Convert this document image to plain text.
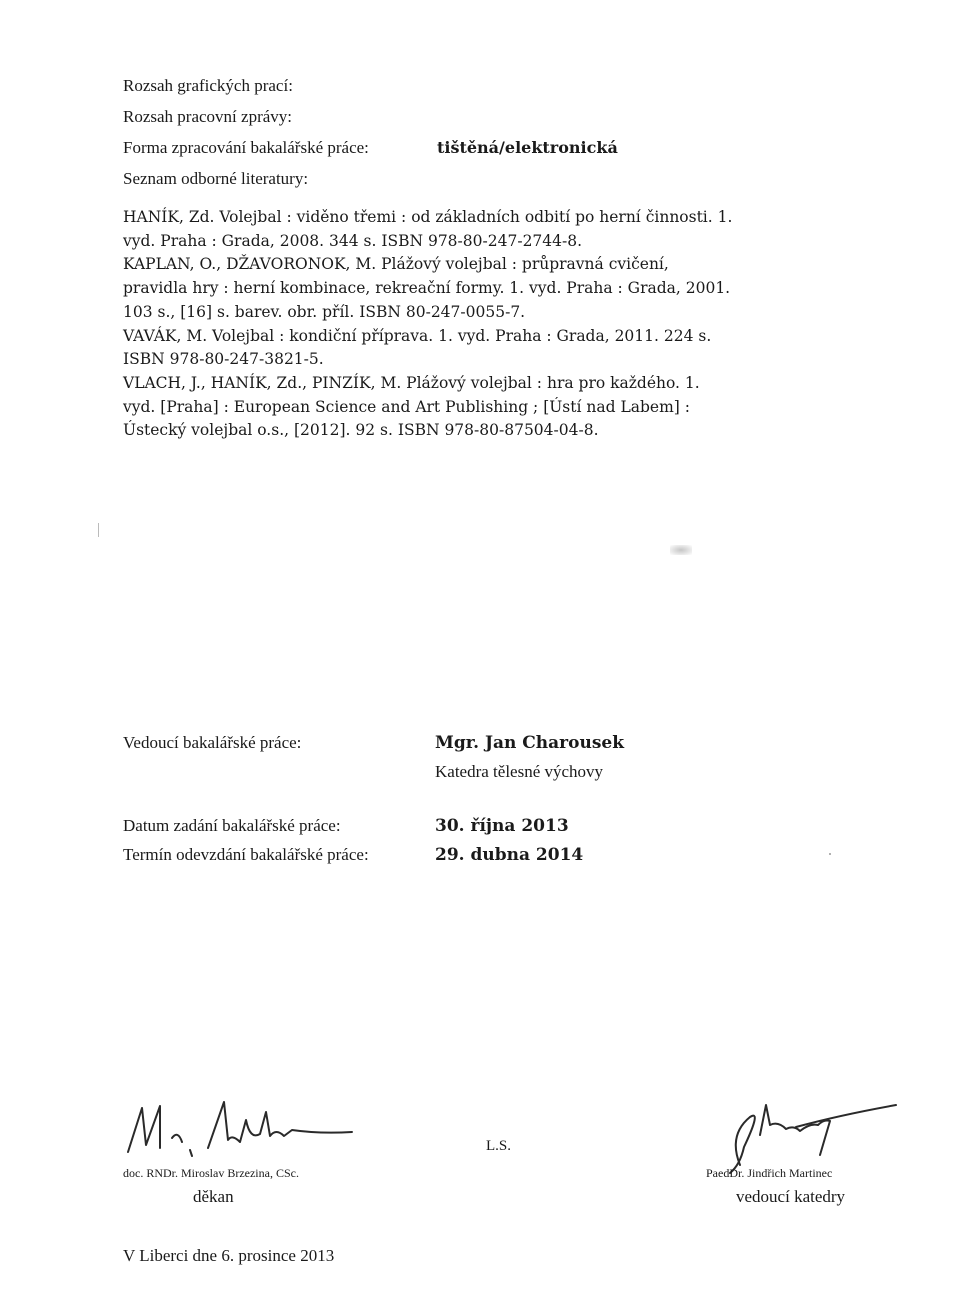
Rozsah grafických prací:
Rozsah pracovní zprávy:
Forma zpracování bakalářské práce:	tištěná/elektronická
Seznam odborné literatury:
HANÍK, Zd. Volejbal : viděno třemi : od základních odbití po herní činnosti. 1.
vyd. Praha : Grada, 2008. 344 s. ISBN 978-80-247-2744-8.
KAPLAN, O., DŽAVORONOK, M. Plážový volejbal : průpravná cvičení,
pravidla hry : herní kombinace, rekreační formy. 1. vyd. Praha : Grada, 2001.
103 s., [16] s. barev. obr. příl. ISBN 80-247-0055-7.
VAVÁK, M. Volejbal : kondiční příprava. 1. vyd. Praha : Grada, 2011. 224 s.
ISBN 978-80-247-3821-5.
VLACH, J., HANÍK, Zd., PINZÍK, M. Plážový volejbal : hra pro každého. 1.
vyd. [Praha] : European Science and Art Publishing ; [Ústí nad Labem] :
Ústecký volejbal o.s., [2012]. 92 s. ISBN 978-80-87504-04-8.
Vedoucí bakalářské práce:	Mgr. Jan Charousek
Katedra tělesné výchovy
Datum zadání bakalářské práce:	30. října 2013
Termín odevzdání bakalářské práce:	29. dubna 2014
doc. RNDr. Miroslav Brzezina, CSc.
děkan
L.S.
PaedDr. Jindřich Martinec
vedoucí katedry
V Liberci dne 6. prosince 2013
